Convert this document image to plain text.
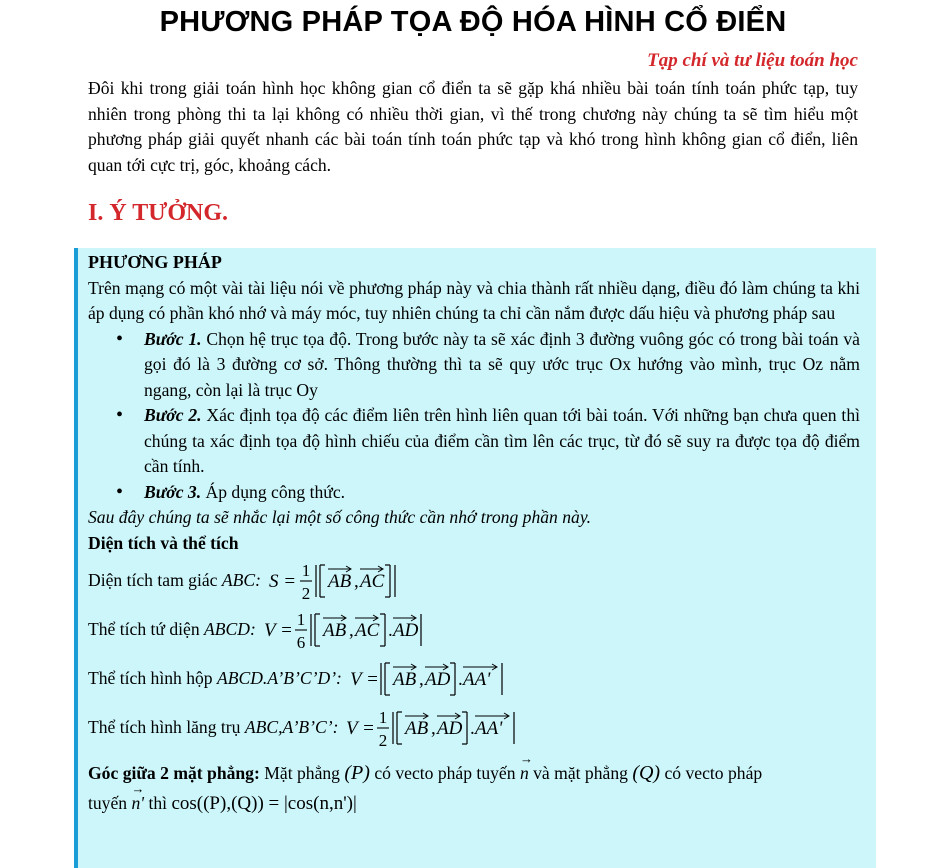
PHƯƠNG PHÁP TỌA ĐỘ HÓA HÌNH CỔ ĐIỂN
Tạp chí và tư liệu toán học
Đôi khi trong giải toán hình học không gian cổ điển ta sẽ gặp khá nhiều bài toán tính toán phức tạp, tuy nhiên trong phòng thi ta lại không có nhiều thời gian, vì thế trong chương này chúng ta sẽ tìm hiểu một phương pháp giải quyết nhanh các bài toán tính toán phức tạp và khó trong hình không gian cổ điển, liên quan tới cực trị, góc, khoảng cách.
I. Ý TƯỞNG.
PHƯƠNG PHÁP
Trên mạng có một vài tài liệu nói về phương pháp này và chia thành rất nhiều dạng, điều đó làm chúng ta khi áp dụng có phần khó nhớ và máy móc, tuy nhiên chúng ta chỉ cần nắm được dấu hiệu và phương pháp sau
• Bước 1. Chọn hệ trục tọa độ. Trong bước này ta sẽ xác định 3 đường vuông góc có trong bài toán và gọi đó là 3 đường cơ sở. Thông thường thì ta sẽ quy ước trục Ox hướng vào mình, trục Oz nằm ngang, còn lại là trục Oy
• Bước 2. Xác định tọa độ các điểm liên trên hình liên quan tới bài toán. Với những bạn chưa quen thì chúng ta xác định tọa độ hình chiếu của điểm cần tìm lên các trục, từ đó sẽ suy ra được tọa độ điểm cần tính.
• Bước 3. Áp dụng công thức.
Sau đây chúng ta sẽ nhắc lại một số công thức cần nhớ trong phần này.
Diện tích và thể tích
Diện tích tam giác ABC: S =
1
2
AB , AC
Thể tích tứ diện ABCD: V =
1
6
AB , AC . AD
Thể tích hình hộp ABCD.A’B’C’D’: V = AB , AD . AA'
Thể tích hình lăng trụ ABC,A’B’C’: V =
1
2
AB , AD . AA'
Góc giữa 2 mặt phẳng: Mặt phẳng (P) có vecto pháp tuyến
→
n và mặt phẳng (Q) có vecto pháp
tuyến
→
n' thì cos((P),(Q)) = |cos(n,n')|
